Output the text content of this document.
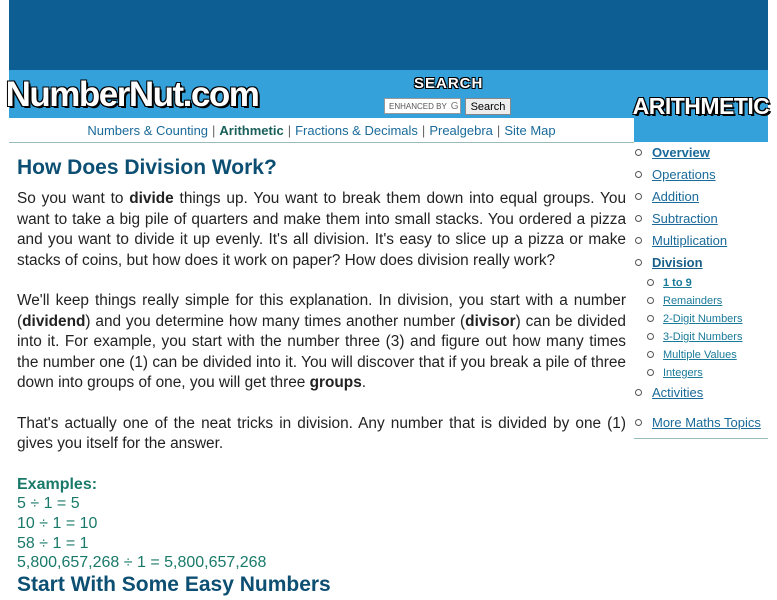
NumberNut.com	SEARCH
ENHANCED BY G	Search
Numbers & Counting | Arithmetic | Fractions & Decimals | Prealgebra | Site Map
ARITHMETIC
Overview
Operations
Addition
Subtraction
Multiplication
Division
1 to 9
Remainders
2-Digit Numbers
3-Digit Numbers
Multiple Values
Integers
Activities
More Maths Topics
How Does Division Work?

So you want to divide things up. You want to break them down into equal groups. You want to take a big pile of quarters and make them into small stacks. You ordered a pizza and you want to divide it up evenly. It's all division. It's easy to slice up a pizza or make stacks of coins, but how does it work on paper? How does division really work?

We'll keep things really simple for this explanation. In division, you start with a number (dividend) and you determine how many times another number (divisor) can be divided into it. For example, you start with the number three (3) and figure out how many times the number one (1) can be divided into it. You will discover that if you break a pile of three down into groups of one, you will get three groups.

That's actually one of the neat tricks in division. Any number that is divided by one (1) gives you itself for the answer.

Examples:
5 ÷ 1 = 5
10 ÷ 1 = 10
58 ÷ 1 = 1
5,800,657,268 ÷ 1 = 5,800,657,268
Start With Some Easy Numbers
